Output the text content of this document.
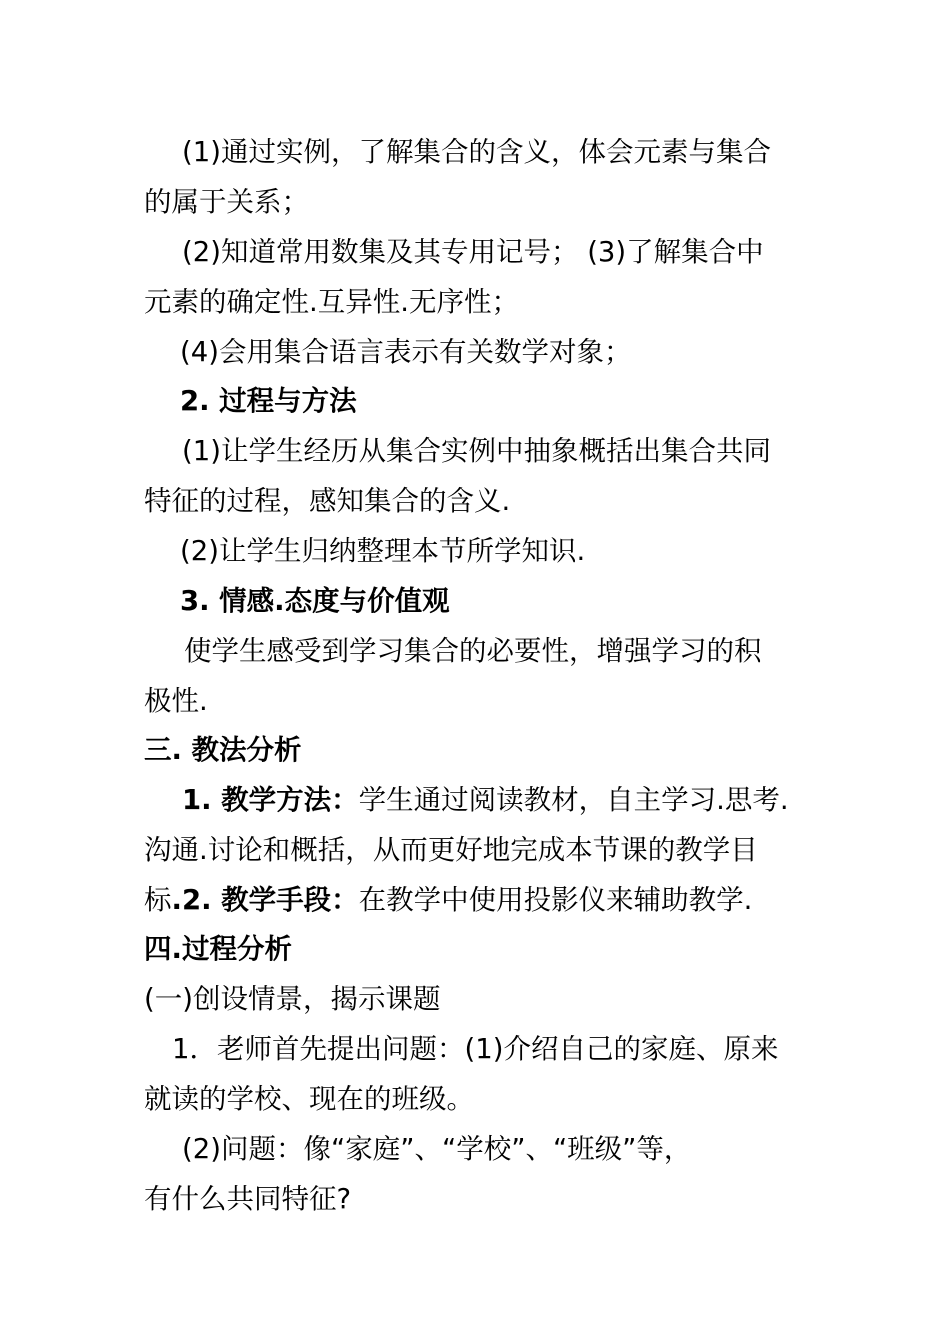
(1)通过实例，了解集合的含义，体会元素与集合
的属于关系；
(2)知道常用数集及其专用记号； (3)了解集合中
元素的确定性.互异性.无序性；
(4)会用集合语言表示有关数学对象；
2. 过程与方法
(1)让学生经历从集合实例中抽象概括出集合共同
特征的过程，感知集合的含义.
(2)让学生归纳整理本节所学知识.
3. 情感.态度与价值观
使学生感受到学习集合的必要性，增强学习的积
极性.
三. 教法分析
1. 教学方法：学生通过阅读教材，自主学习.思考.
沟通.讨论和概括，从而更好地完成本节课的教学目
标.2. 教学手段：在教学中使用投影仪来辅助教学.
四.过程分析
(一)创设情景，揭示课题
1．老师首先提出问题：(1)介绍自己的家庭、原来
就读的学校、现在的班级。
(2)问题：像“家庭”、“学校”、“班级”等，
有什么共同特征?
